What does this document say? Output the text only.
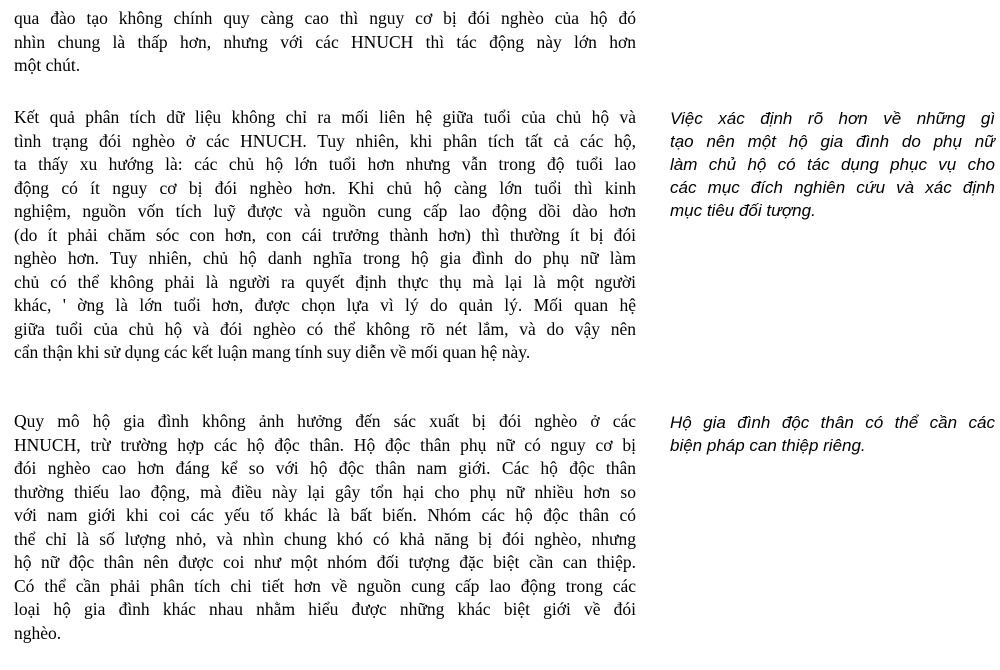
qua đào tạo không chính quy càng cao thì nguy cơ bị đói nghèo của hộ đó
nhìn chung là thấp hơn, nhưng với các HNUCH thì tác động này lớn hơn
một chút.
Kết quả phân tích dữ liệu không chỉ ra mối liên hệ giữa tuổi của chủ hộ và
tình trạng đói nghèo ở các HNUCH. Tuy nhiên, khi phân tích tất cả các hộ,
ta thấy xu hướng là: các chủ hộ lớn tuổi hơn nhưng vẫn trong độ tuổi lao
động có ít nguy cơ bị đói nghèo hơn. Khi chủ hộ càng lớn tuổi thì kinh
nghiệm, nguồn vốn tích luỹ được và nguồn cung cấp lao động dồi dào hơn
(do ít phải chăm sóc con hơn, con cái trưởng thành hơn) thì thường ít bị đói
nghèo hơn. Tuy nhiên, chủ hộ danh nghĩa trong hộ gia đình do phụ nữ làm
chủ có thể không phải là người ra quyết định thực thụ mà lại là một người
khác, ' ờng là lớn tuổi hơn, được chọn lựa vì lý do quản lý. Mối quan hệ
giữa tuổi của chủ hộ và đói nghèo có thể không rõ nét lắm, và do vậy nên
cẩn thận khi sử dụng các kết luận mang tính suy diễn về mối quan hệ này.
Quy mô hộ gia đình không ảnh hưởng đến sác xuất bị đói nghèo ở các
HNUCH, trừ trường hợp các hộ độc thân. Hộ độc thân phụ nữ có nguy cơ bị
đói nghèo cao hơn đáng kể so với hộ độc thân nam giới. Các hộ độc thân
thường thiếu lao động, mà điều này lại gây tổn hại cho phụ nữ nhiều hơn so
với nam giới khi coi các yếu tố khác là bất biến. Nhóm các hộ độc thân có
thể chỉ là số lượng nhỏ, và nhìn chung khó có khả năng bị đói nghèo, nhưng
hộ nữ độc thân nên được coi như một nhóm đối tượng đặc biệt cần can thiệp.
Có thể cần phải phân tích chi tiết hơn về nguồn cung cấp lao động trong các
loại hộ gia đình khác nhau nhằm hiểu được những khác biệt giới về đói
nghèo.
Việc xác định rõ hơn về những gì
tạo nên một hộ gia đình do phụ nữ
làm chủ hộ có tác dụng phục vụ cho
các mục đích nghiên cứu và xác định
mục tiêu đối tượng.
Hộ gia đình độc thân có thể cần các
biện pháp can thiệp riêng.
